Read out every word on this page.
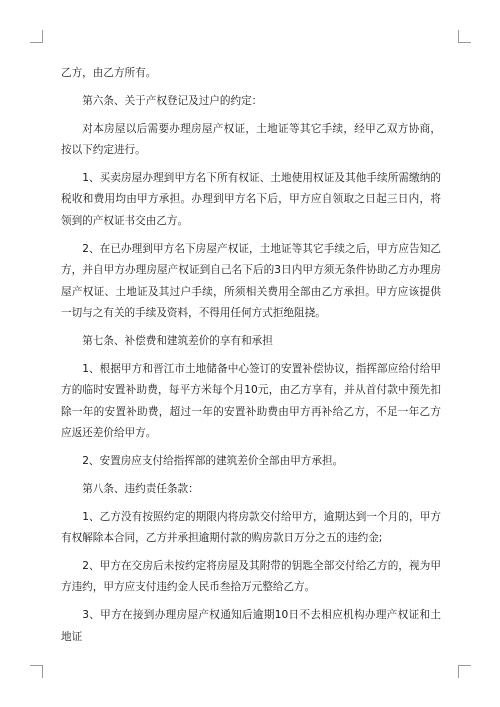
乙方，由乙方所有。

第六条、关于产权登记及过户的约定：

对本房屋以后需要办理房屋产权证，土地证等其它手续，经甲乙双方协商，按以下约定进行。

1、买卖房屋办理到甲方名下所有权证、土地使用权证及其他手续所需缴纳的税收和费用均由甲方承担。办理到甲方名下后，甲方应自领取之日起三日内，将领到的产权证书交由乙方。

2、在已办理到甲方名下房屋产权证，土地证等其它手续之后，甲方应告知乙方，并自甲方办理房屋产权证到自己名下后的3日内甲方须无条件协助乙方办理房屋产权证、土地证及其过户手续，所须相关费用全部由乙方承担。甲方应该提供一切与之有关的手续及资料，不得用任何方式拒绝阻挠。

第七条、补偿费和建筑差价的享有和承担

1、根据甲方和晋江市土地储备中心签订的安置补偿协议，指挥部应给付给甲方的临时安置补助费，每平方米每个月10元，由乙方享有，并从首付款中预先扣除一年的安置补助费，超过一年的安置补助费由甲方再补给乙方，不足一年乙方应返还差价给甲方。

2、安置房应支付给指挥部的建筑差价全部由甲方承担。

第八条、违约责任条款：

1、乙方没有按照约定的期限内将房款交付给甲方，逾期达到一个月的，甲方有权解除本合同，乙方并承担逾期付款的购房款日万分之五的违约金;

2、甲方在交房后未按约定将房屋及其附带的钥匙全部交付给乙方的，视为甲方违约，甲方应支付违约金人民币叁拾万元整给乙方。

3、甲方在接到办理房屋产权通知后逾期10日不去相应机构办理产权证和土地证
